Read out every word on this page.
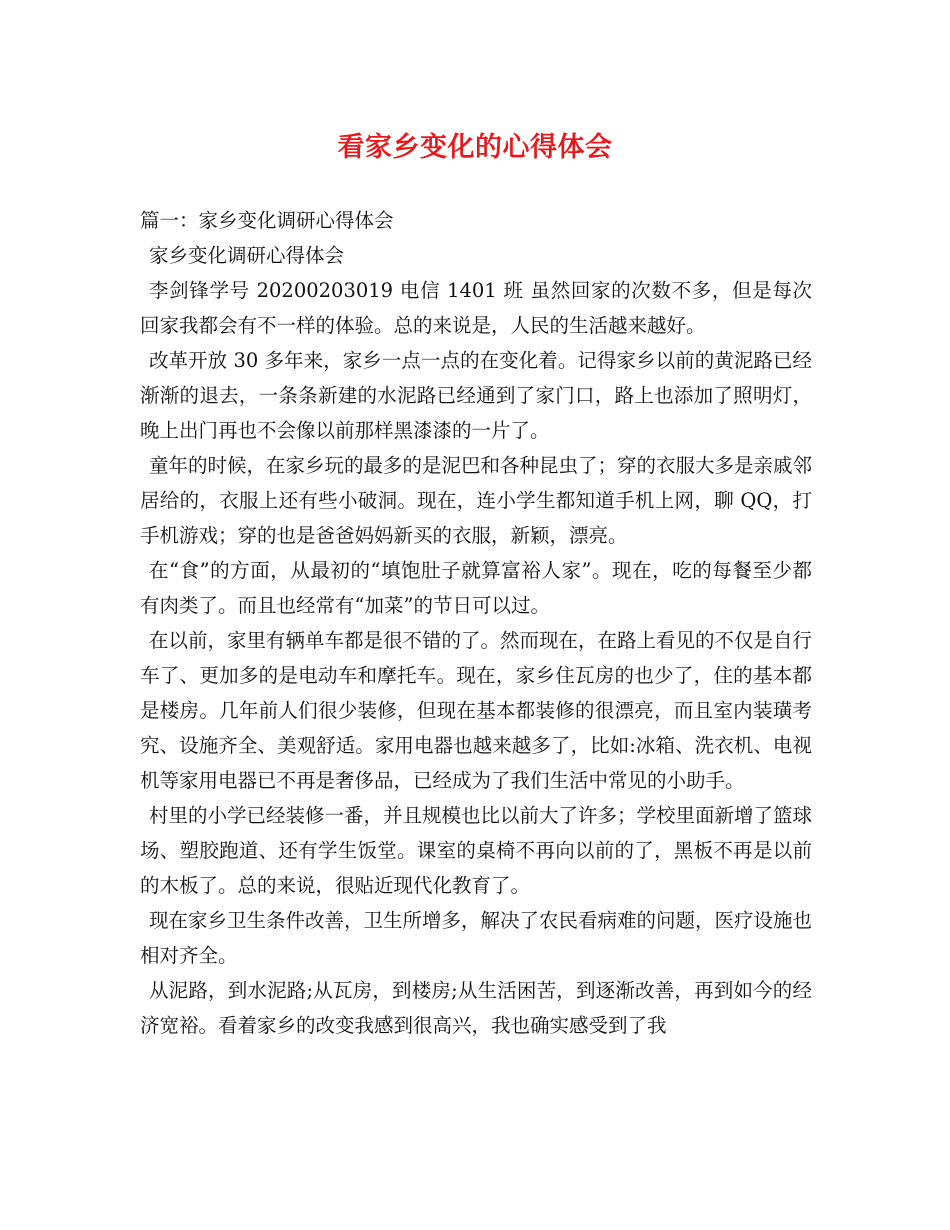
看家乡变化的心得体会

篇一：家乡变化调研心得体会

家乡变化调研心得体会

李剑锋学号 20200203019 电信 1401 班 虽然回家的次数不多，但是每次回家我都会有不一样的体验。总的来说是，人民的生活越来越好。

改革开放 30 多年来，家乡一点一点的在变化着。记得家乡以前的黄泥路已经渐渐的退去，一条条新建的水泥路已经通到了家门口，路上也添加了照明灯，晚上出门再也不会像以前那样黑漆漆的一片了。

童年的时候，在家乡玩的最多的是泥巴和各种昆虫了；穿的衣服大多是亲戚邻居给的，衣服上还有些小破洞。现在，连小学生都知道手机上网，聊 QQ，打手机游戏；穿的也是爸爸妈妈新买的衣服，新颖，漂亮。

在“食”的方面，从最初的“填饱肚子就算富裕人家”。现在，吃的每餐至少都有肉类了。而且也经常有“加菜”的节日可以过。

在以前，家里有辆单车都是很不错的了。然而现在，在路上看见的不仅是自行车了、更加多的是电动车和摩托车。现在，家乡住瓦房的也少了，住的基本都是楼房。几年前人们很少装修，但现在基本都装修的很漂亮，而且室内装璜考究、设施齐全、美观舒适。家用电器也越来越多了，比如:冰箱、洗衣机、电视机等家用电器已不再是奢侈品，已经成为了我们生活中常见的小助手。

村里的小学已经装修一番，并且规模也比以前大了许多；学校里面新增了篮球场、塑胶跑道、还有学生饭堂。课室的桌椅不再向以前的了，黑板不再是以前的木板了。总的来说，很贴近现代化教育了。

现在家乡卫生条件改善，卫生所增多，解决了农民看病难的问题，医疗设施也相对齐全。

从泥路，到水泥路;从瓦房，到楼房;从生活困苦，到逐渐改善，再到如今的经济宽裕。看着家乡的改变我感到很高兴，我也确实感受到了我
